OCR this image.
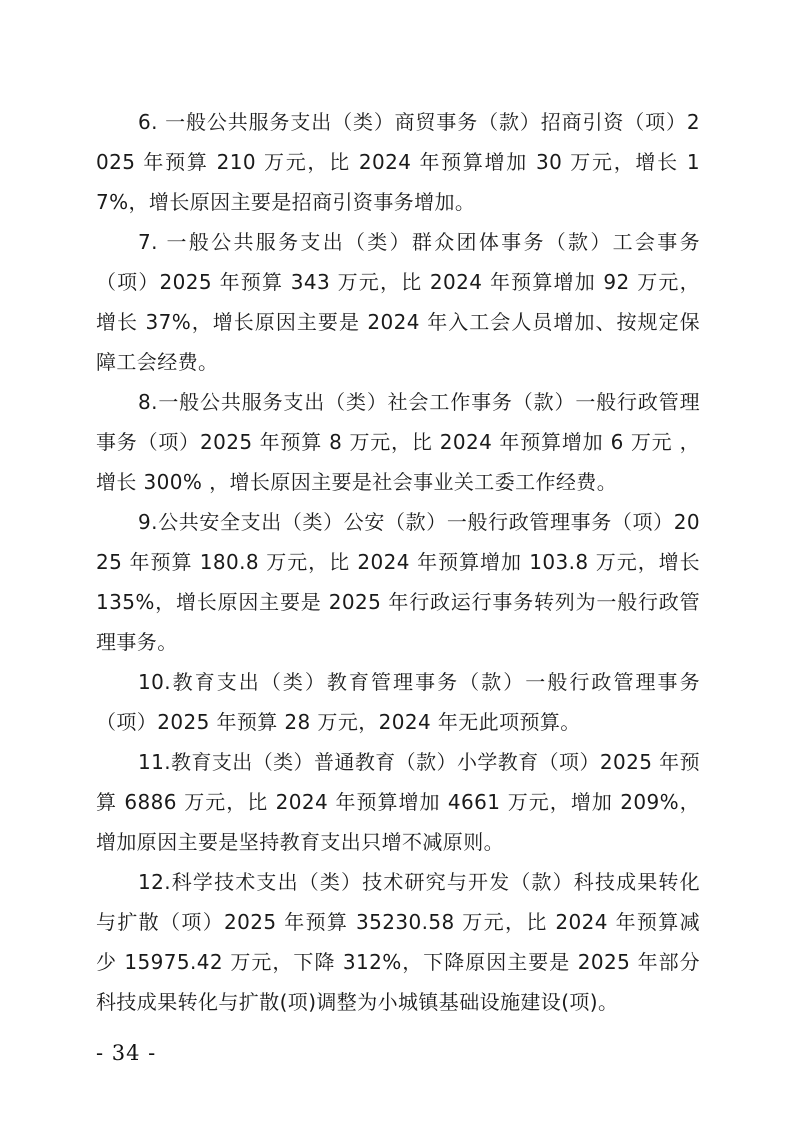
6. 一般公共服务支出（类）商贸事务（款）招商引资（项）2025 年预算 210 万元，比 2024 年预算增加 30 万元，增长 17%，增长原因主要是招商引资事务增加。

7. 一般公共服务支出（类）群众团体事务（款）工会事务（项）2025 年预算 343 万元，比 2024 年预算增加 92 万元，增长 37%，增长原因主要是 2024 年入工会人员增加、按规定保障工会经费。

8.一般公共服务支出（类）社会工作事务（款）一般行政管理事务（项）2025 年预算 8 万元，比 2024 年预算增加 6 万元 ，增长 300% ，增长原因主要是社会事业关工委工作经费。

9.公共安全支出（类）公安（款）一般行政管理事务（项）2025 年预算 180.8 万元，比 2024 年预算增加 103.8 万元，增长 135%，增长原因主要是 2025 年行政运行事务转列为一般行政管理事务。

10.教育支出（类）教育管理事务（款）一般行政管理事务（项）2025 年预算 28 万元，2024 年无此项预算。

11.教育支出（类）普通教育（款）小学教育（项）2025 年预算 6886 万元，比 2024 年预算增加 4661 万元，增加 209%，增加原因主要是坚持教育支出只增不减原则。

12.科学技术支出（类）技术研究与开发（款）科技成果转化与扩散（项）2025 年预算 35230.58 万元，比 2024 年预算减少 15975.42 万元，下降 312%，下降原因主要是 2025 年部分科技成果转化与扩散(项)调整为小城镇基础设施建设(项)。

- 34 -
